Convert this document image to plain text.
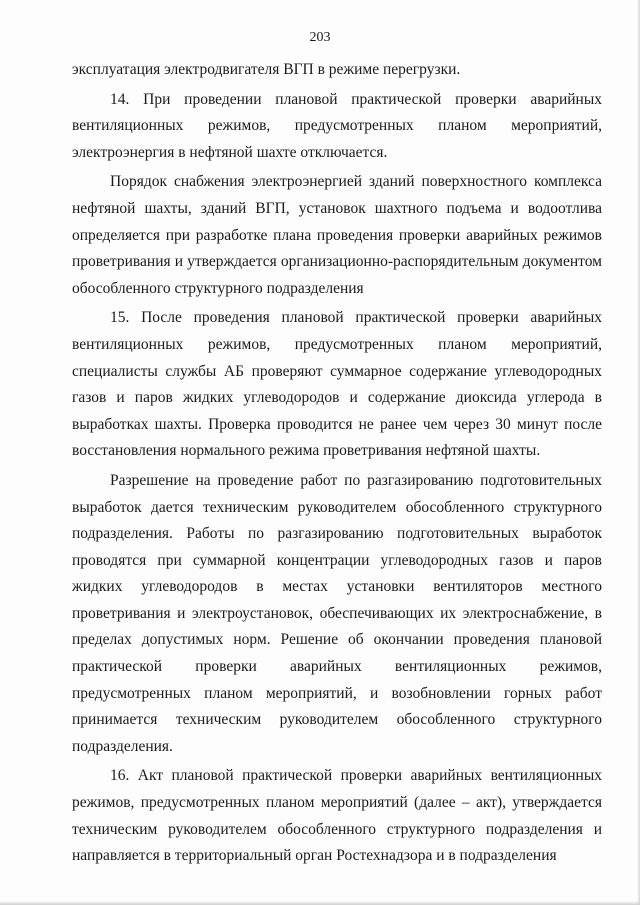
203

эксплуатация электродвигателя ВГП в режиме перегрузки.

14. При проведении плановой практической проверки аварийных вентиляционных режимов, предусмотренных планом мероприятий, электроэнергия в нефтяной шахте отключается.

Порядок снабжения электроэнергией зданий поверхностного комплекса нефтяной шахты, зданий ВГП, установок шахтного подъема и водоотлива определяется при разработке плана проведения проверки аварийных режимов проветривания и утверждается организационно-распорядительным документом обособленного структурного подразделения

15. После проведения плановой практической проверки аварийных вентиляционных режимов, предусмотренных планом мероприятий, специалисты службы АБ проверяют суммарное содержание углеводородных газов и паров жидких углеводородов и содержание диоксида углерода в выработках шахты. Проверка проводится не ранее чем через 30 минут после восстановления нормального режима проветривания нефтяной шахты.

Разрешение на проведение работ по разгазированию подготовительных выработок дается техническим руководителем обособленного структурного подразделения. Работы по разгазированию подготовительных выработок проводятся при суммарной концентрации углеводородных газов и паров жидких углеводородов в местах установки вентиляторов местного проветривания и электроустановок, обеспечивающих их электроснабжение, в пределах допустимых норм. Решение об окончании проведения плановой практической проверки аварийных вентиляционных режимов, предусмотренных планом мероприятий, и возобновлении горных работ принимается техническим руководителем обособленного структурного подразделения.

16. Акт плановой практической проверки аварийных вентиляционных режимов, предусмотренных планом мероприятий (далее – акт), утверждается техническим руководителем обособленного структурного подразделения и направляется в территориальный орган Ростехнадзора и в подразделения
